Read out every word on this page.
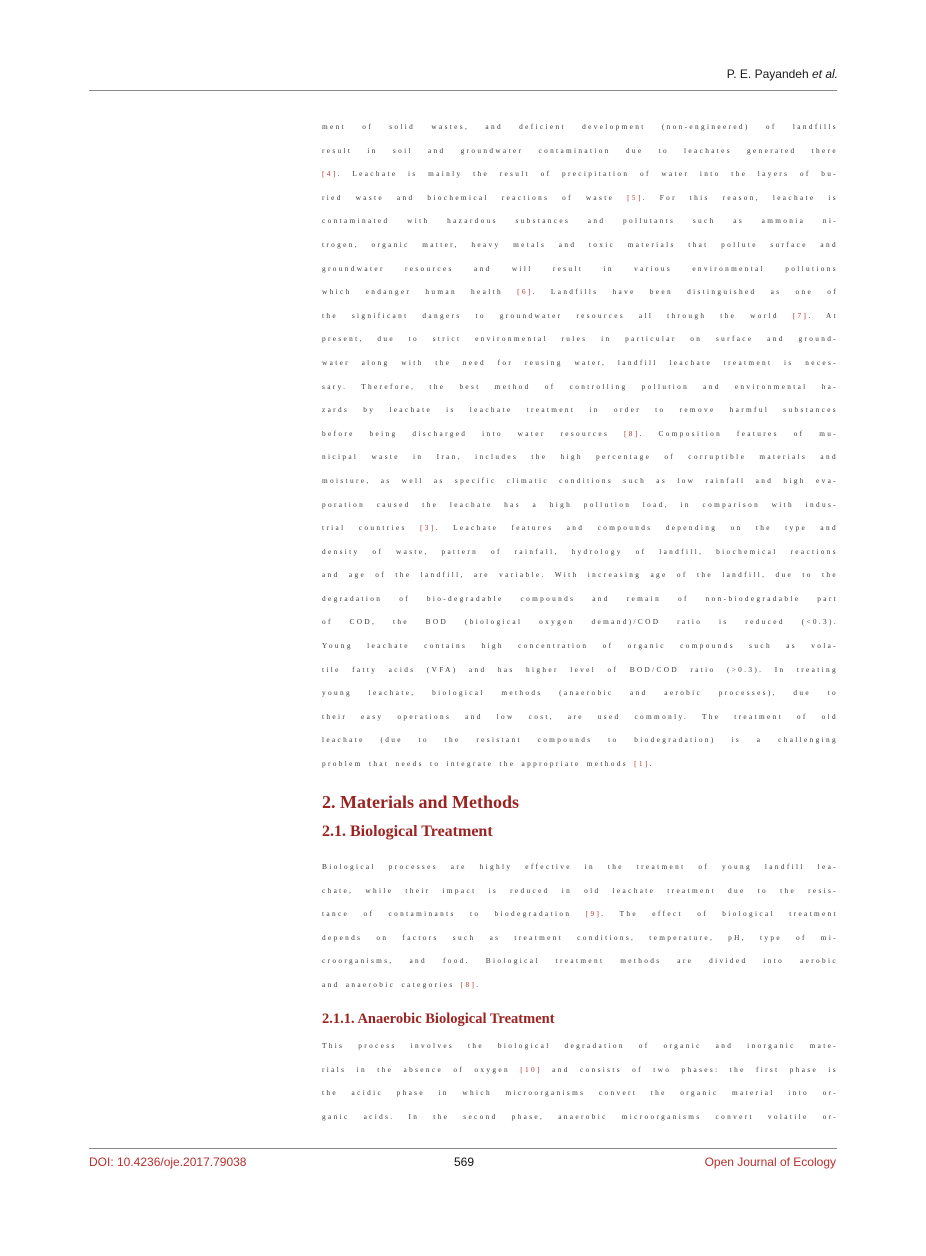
P. E. Payandeh et al.
ment of solid wastes, and deficient development (non-engineered) of landfills
result in soil and groundwater contamination due to leachates generated there
[4]. Leachate is mainly the result of precipitation of water into the layers of bu-
ried waste and biochemical reactions of waste [5]. For this reason, leachate is
contaminated with hazardous substances and pollutants such as ammonia ni-
trogen, organic matter, heavy metals and toxic materials that pollute surface and
groundwater resources and will result in various environmental pollutions
which endanger human health [6]. Landfills have been distinguished as one of
the significant dangers to groundwater resources all through the world [7]. At
present, due to strict environmental rules in particular on surface and ground-
water along with the need for reusing water, landfill leachate treatment is neces-
sary. Therefore, the best method of controlling pollution and environmental ha-
zards by leachate is leachate treatment in order to remove harmful substances
before being discharged into water resources [8]. Composition features of mu-
nicipal waste in Iran, includes the high percentage of corruptible materials and
moisture, as well as specific climatic conditions such as low rainfall and high eva-
poration caused the leachate has a high pollution load, in comparison with indus-
trial countries [3]. Leachate features and compounds depending on the type and
density of waste, pattern of rainfall, hydrology of landfill, biochemical reactions
and age of the landfill, are variable. With increasing age of the landfill, due to the
degradation of bio-degradable compounds and remain of non-biodegradable part
of COD, the BOD (biological oxygen demand)/COD ratio is reduced (<0.3).
Young leachate contains high concentration of organic compounds such as vola-
tile fatty acids (VFA) and has higher level of BOD/COD ratio (>0.3). In treating
young leachate, biological methods (anaerobic and aerobic processes), due to
their easy operations and low cost, are used commonly. The treatment of old
leachate (due to the resistant compounds to biodegradation) is a challenging
problem that needs to integrate the appropriate methods [1].
2. Materials and Methods
2.1. Biological Treatment
Biological processes are highly effective in the treatment of young landfill lea-
chate, while their impact is reduced in old leachate treatment due to the resis-
tance of contaminants to biodegradation [9]. The effect of biological treatment
depends on factors such as treatment conditions, temperature, pH, type of mi-
croorganisms, and food. Biological treatment methods are divided into aerobic
and anaerobic categories [8].
2.1.1. Anaerobic Biological Treatment
This process involves the biological degradation of organic and inorganic mate-
rials in the absence of oxygen [10] and consists of two phases: the first phase is
the acidic phase in which microorganisms convert the organic material into or-
ganic acids. In the second phase, anaerobic microorganisms convert volatile or-
DOI: 10.4236/oje.2017.79038	569	Open Journal of Ecology
